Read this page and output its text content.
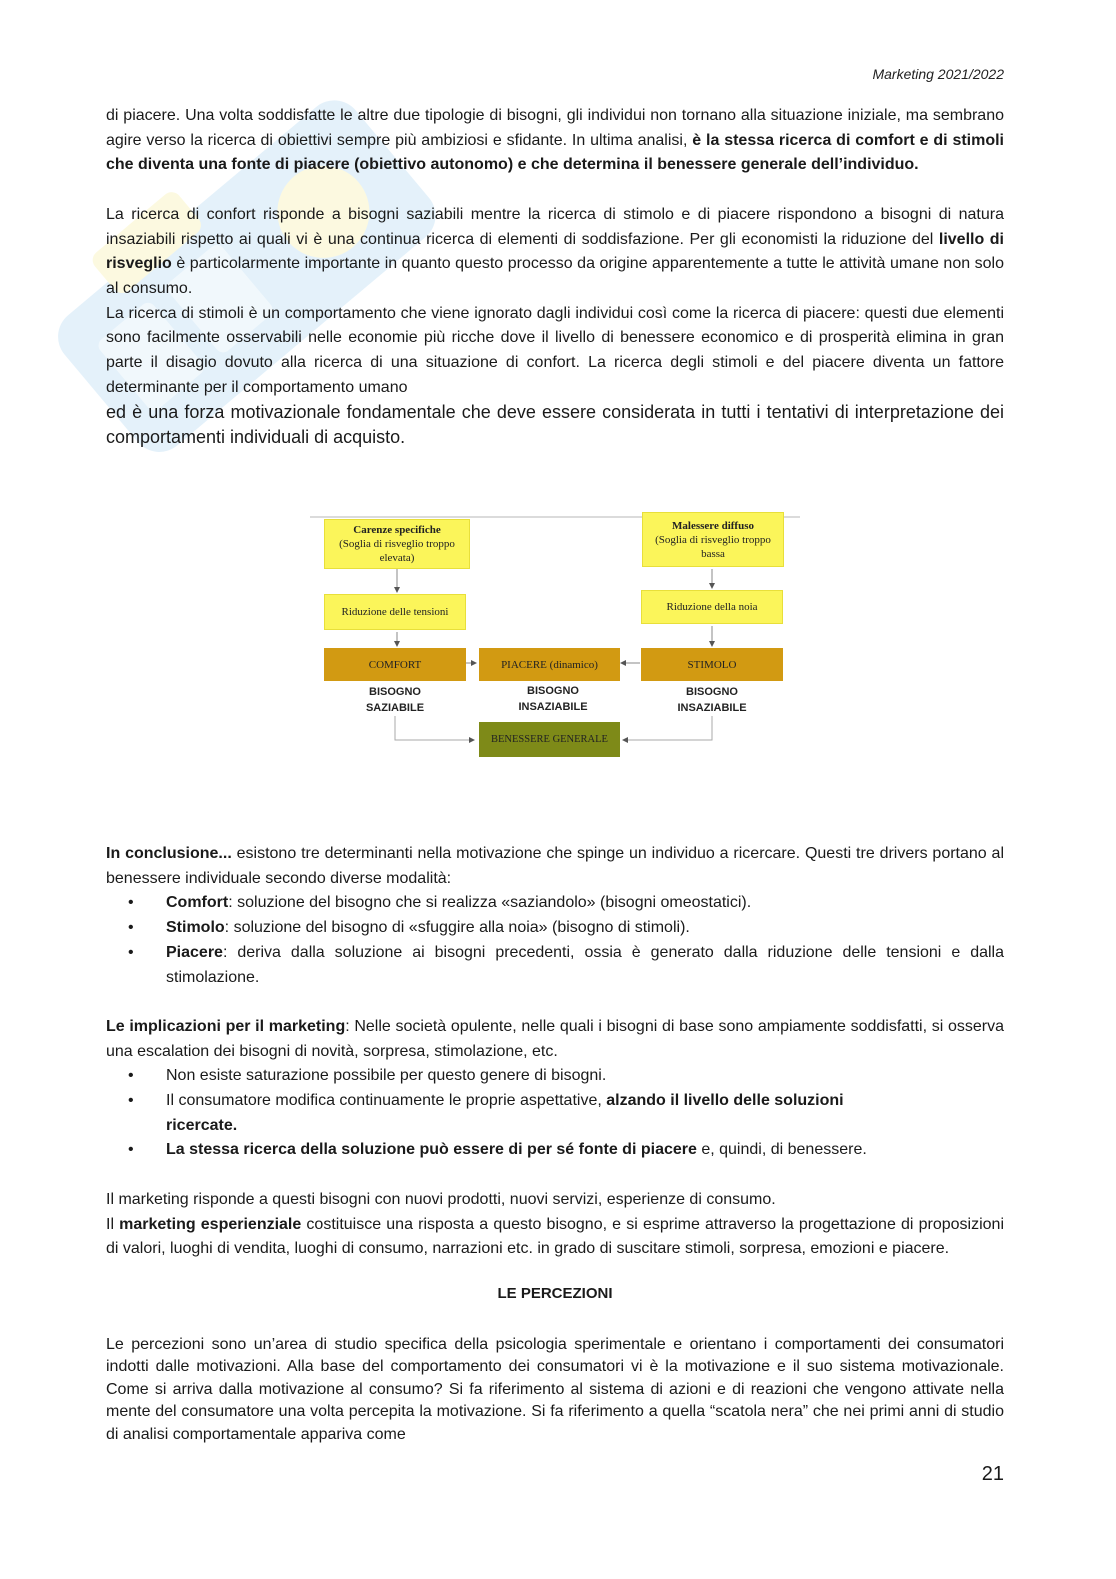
Marketing 2021/2022

di piacere. Una volta soddisfatte le altre due tipologie di bisogni, gli individui non tornano alla situazione iniziale, ma sembrano agire verso la ricerca di obiettivi sempre più ambiziosi e sfidante. In ultima analisi, è la stessa ricerca di comfort e di stimoli che diventa una fonte di piacere (obiettivo autonomo) e che determina il benessere generale dell’individuo.

La ricerca di confort risponde a bisogni saziabili mentre la ricerca di stimolo e di piacere rispondono a bisogni di natura insaziabili rispetto ai quali vi è una continua ricerca di elementi di soddisfazione. Per gli economisti la riduzione del livello di risveglio è particolarmente importante in quanto questo processo da origine apparentemente a tutte le attività umane non solo al consumo.

La ricerca di stimoli è un comportamento che viene ignorato dagli individui così come la ricerca di piacere: questi due elementi sono facilmente osservabili nelle economie più ricche dove il livello di benessere economico e di prosperità elimina in gran parte il disagio dovuto alla ricerca di una situazione di confort. La ricerca degli stimoli e del piacere diventa un fattore determinante per il comportamento umano

ed è una forza motivazionale fondamentale che deve essere considerata in tutti i tentativi di interpretazione dei comportamenti individuali di acquisto.

Carenze specifiche
(Soglia di risveglio troppo elevata)
Malessere diffuso
(Soglia di risveglio troppo bassa
Riduzione delle tensioni	Riduzione della noia
COMFORT	PIACERE (dinamico)	STIMOLO
BISOGNO
SAZIABILE
BISOGNO
INSAZIABILE
BISOGNO
INSAZIABILE
BENESSERE GENERALE

In conclusione... esistono tre determinanti nella motivazione che spinge un individuo a ricercare. Questi tre drivers portano al benessere individuale secondo diverse modalità:

• Comfort: soluzione del bisogno che si realizza «saziandolo» (bisogni omeostatici).
• Stimolo: soluzione del bisogno di «sfuggire alla noia» (bisogno di stimoli).
• Piacere: deriva dalla soluzione ai bisogni precedenti, ossia è generato dalla riduzione delle tensioni e dalla stimolazione.

Le implicazioni per il marketing: Nelle società opulente, nelle quali i bisogni di base sono ampiamente soddisfatti, si osserva una escalation dei bisogni di novità, sorpresa, stimolazione, etc.

• Non esiste saturazione possibile per questo genere di bisogni.
• Il consumatore modifica continuamente le proprie aspettative, alzando il livello delle soluzioni ricercate.
• La stessa ricerca della soluzione può essere di per sé fonte di piacere e, quindi, di benessere.

Il marketing risponde a questi bisogni con nuovi prodotti, nuovi servizi, esperienze di consumo.

Il marketing esperienziale costituisce una risposta a questo bisogno, e si esprime attraverso la progettazione di proposizioni di valori, luoghi di vendita, luoghi di consumo, narrazioni etc. in grado di suscitare stimoli, sorpresa, emozioni e piacere.

LE PERCEZIONI

Le percezioni sono un’area di studio specifica della psicologia sperimentale e orientano i comportamenti dei consumatori indotti dalle motivazioni. Alla base del comportamento dei consumatori vi è la motivazione e il suo sistema motivazionale. Come si arriva dalla motivazione al consumo? Si fa riferimento al sistema di azioni e di reazioni che vengono attivate nella mente del consumatore una volta percepita la motivazione. Si fa riferimento a quella “scatola nera” che nei primi anni di studio di analisi comportamentale appariva come

21
